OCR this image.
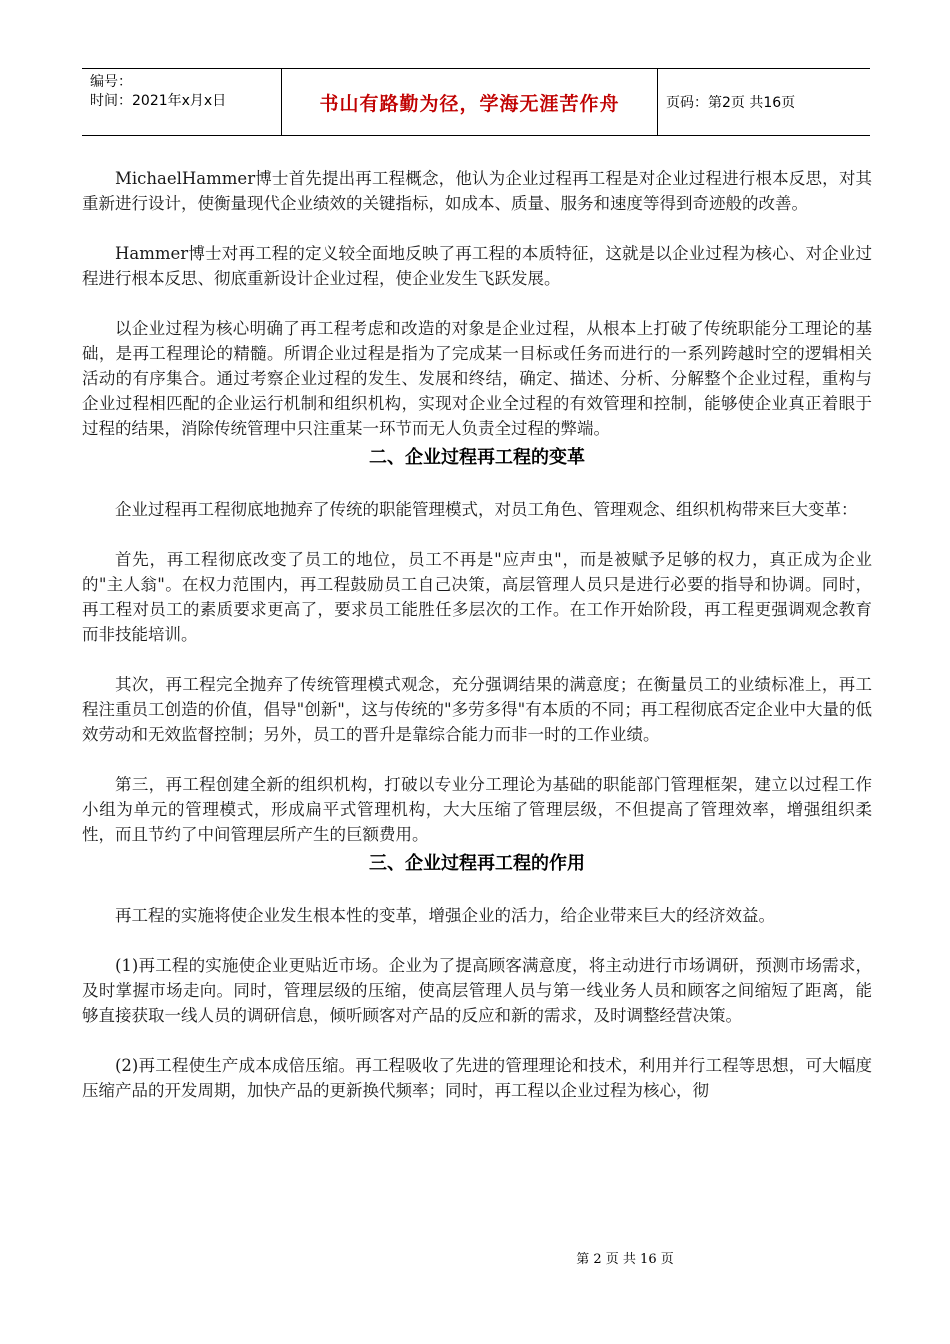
编号：
时间：2021年x月x日	书山有路勤为径，学海无涯苦作舟	页码：第2页 共16页

MichaelHammer博士首先提出再工程概念，他认为企业过程再工程是对企业过程进行根本反思，对其重新进行设计，使衡量现代企业绩效的关键指标，如成本、质量、服务和速度等得到奇迹般的改善。

Hammer博士对再工程的定义较全面地反映了再工程的本质特征，这就是以企业过程为核心、对企业过程进行根本反思、彻底重新设计企业过程，使企业发生飞跃发展。

以企业过程为核心明确了再工程考虑和改造的对象是企业过程，从根本上打破了传统职能分工理论的基础，是再工程理论的精髓。所谓企业过程是指为了完成某一目标或任务而进行的一系列跨越时空的逻辑相关活动的有序集合。通过考察企业过程的发生、发展和终结，确定、描述、分析、分解整个企业过程，重构与企业过程相匹配的企业运行机制和组织机构，实现对企业全过程的有效管理和控制，能够使企业真正着眼于过程的结果，消除传统管理中只注重某一环节而无人负责全过程的弊端。

二、企业过程再工程的变革

企业过程再工程彻底地抛弃了传统的职能管理模式，对员工角色、管理观念、组织机构带来巨大变革：

首先，再工程彻底改变了员工的地位，员工不再是"应声虫"，而是被赋予足够的权力，真正成为企业的"主人翁"。在权力范围内，再工程鼓励员工自己决策，高层管理人员只是进行必要的指导和协调。同时，再工程对员工的素质要求更高了，要求员工能胜任多层次的工作。在工作开始阶段，再工程更强调观念教育而非技能培训。

其次，再工程完全抛弃了传统管理模式观念，充分强调结果的满意度；在衡量员工的业绩标准上，再工程注重员工创造的价值，倡导"创新"，这与传统的"多劳多得"有本质的不同；再工程彻底否定企业中大量的低效劳动和无效监督控制；另外，员工的晋升是靠综合能力而非一时的工作业绩。

第三，再工程创建全新的组织机构，打破以专业分工理论为基础的职能部门管理框架，建立以过程工作小组为单元的管理模式，形成扁平式管理机构，大大压缩了管理层级，不但提高了管理效率，增强组织柔性，而且节约了中间管理层所产生的巨额费用。

三、企业过程再工程的作用

再工程的实施将使企业发生根本性的变革，增强企业的活力，给企业带来巨大的经济效益。

(1)再工程的实施使企业更贴近市场。企业为了提高顾客满意度，将主动进行市场调研，预测市场需求，及时掌握市场走向。同时，管理层级的压缩，使高层管理人员与第一线业务人员和顾客之间缩短了距离，能够直接获取一线人员的调研信息，倾听顾客对产品的反应和新的需求，及时调整经营决策。

(2)再工程使生产成本成倍压缩。再工程吸收了先进的管理理论和技术，利用并行工程等思想，可大幅度压缩产品的开发周期，加快产品的更新换代频率；同时，再工程以企业过程为核心，彻

第 2 页 共 16 页
